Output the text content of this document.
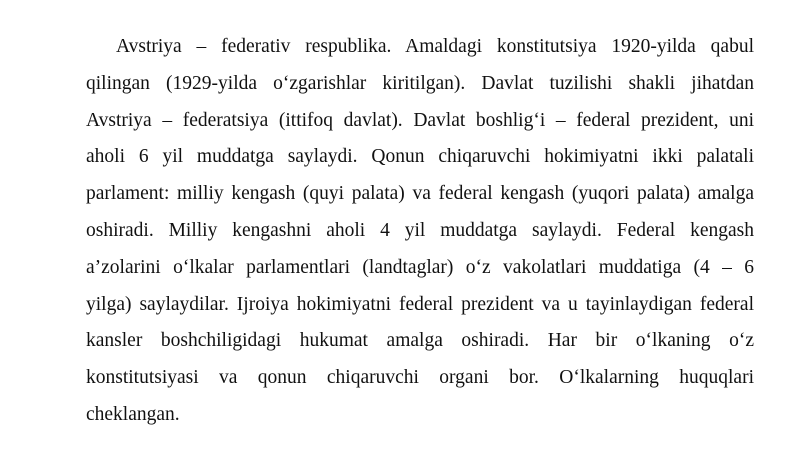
Avstriya – federativ respublika. Amaldagi konstitutsiya 1920-yilda qabul
qilingan (1929-yilda o‘zgarishlar kiritilgan). Davlat tuzilishi shakli jihatdan
Avstriya – federatsiya (ittifoq davlat). Davlat boshlig‘i – federal prezident, uni
aholi 6 yil muddatga saylaydi. Qonun chiqaruvchi hokimiyatni ikki palatali
parlament: milliy kengash (quyi palata) va federal kengash (yuqori palata) amalga
oshiradi. Milliy kengashni aholi 4 yil muddatga saylaydi. Federal kengash
a’zolarini o‘lkalar parlamentlari (landtaglar) o‘z vakolatlari muddatiga (4 – 6
yilga) saylaydilar. Ijroiya hokimiyatni federal prezident va u tayinlaydigan federal
kansler boshchiligidagi hukumat amalga oshiradi. Har bir o‘lkaning o‘z
konstitutsiyasi va qonun chiqaruvchi organi bor. O‘lkalarning huquqlari
cheklangan.
